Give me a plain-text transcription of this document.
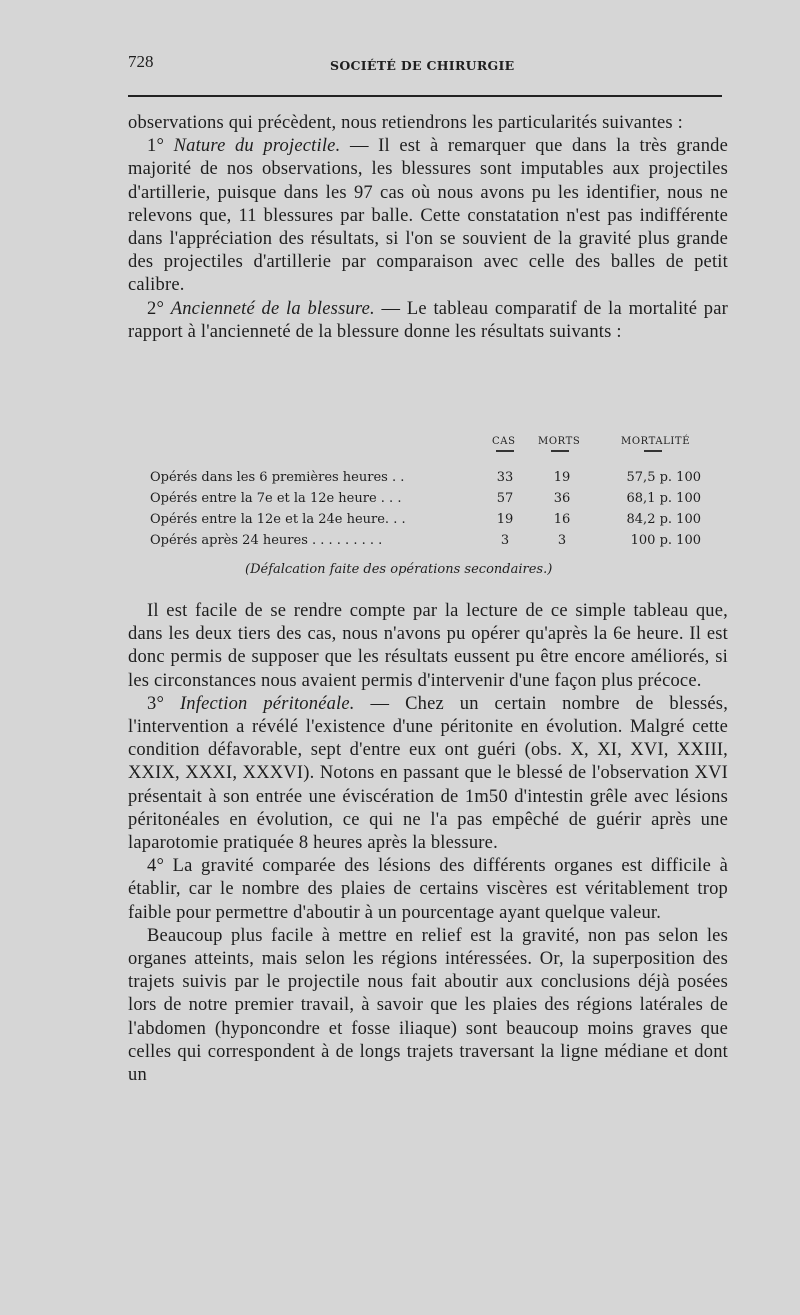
728	SOCIÉTÉ DE CHIRURGIE

observations qui précèdent, nous retiendrons les particularités suivantes :

1° Nature du projectile. — Il est à remarquer que dans la très grande majorité de nos observations, les blessures sont imputables aux projectiles d'artillerie, puisque dans les 97 cas où nous avons pu les identifier, nous ne relevons que, 11 blessures par balle. Cette constatation n'est pas indifférente dans l'appréciation des résultats, si l'on se souvient de la gravité plus grande des projectiles d'artillerie par comparaison avec celle des balles de petit calibre.

2° Ancienneté de la blessure. — Le tableau comparatif de la mortalité par rapport à l'ancienneté de la blessure donne les résultats suivants :

CAS MORTS	MORTALITÉ
Opérés dans les 6 premières heures . .	33	19	57,5 p. 100
Opérés entre la 7e et la 12e heure . . .	57	36	68,1 p. 100
Opérés entre la 12e et la 24e heure. . .	19	16	84,2 p. 100
Opérés après 24 heures . . . . . . . . .	3	3	100 p. 100
(Défalcation faite des opérations secondaires.)

Il est facile de se rendre compte par la lecture de ce simple tableau que, dans les deux tiers des cas, nous n'avons pu opérer qu'après la 6e heure. Il est donc permis de supposer que les résultats eussent pu être encore améliorés, si les circonstances nous avaient permis d'intervenir d'une façon plus précoce.

3° Infection péritonéale. — Chez un certain nombre de blessés, l'intervention a révélé l'existence d'une péritonite en évolution. Malgré cette condition défavorable, sept d'entre eux ont guéri (obs. X, XI, XVI, XXIII, XXIX, XXXI, XXXVI). Notons en passant que le blessé de l'observation XVI présentait à son entrée une éviscération de 1m50 d'intestin grêle avec lésions péritonéales en évolution, ce qui ne l'a pas empêché de guérir après une laparotomie pratiquée 8 heures après la blessure.

4° La gravité comparée des lésions des différents organes est difficile à établir, car le nombre des plaies de certains viscères est véritablement trop faible pour permettre d'aboutir à un pourcentage ayant quelque valeur.

Beaucoup plus facile à mettre en relief est la gravité, non pas selon les organes atteints, mais selon les régions intéressées. Or, la superposition des trajets suivis par le projectile nous fait aboutir aux conclusions déjà posées lors de notre premier travail, à savoir que les plaies des régions latérales de l'abdomen (hyponcondre et fosse iliaque) sont beaucoup moins graves que celles qui correspondent à de longs trajets traversant la ligne médiane et dont un
